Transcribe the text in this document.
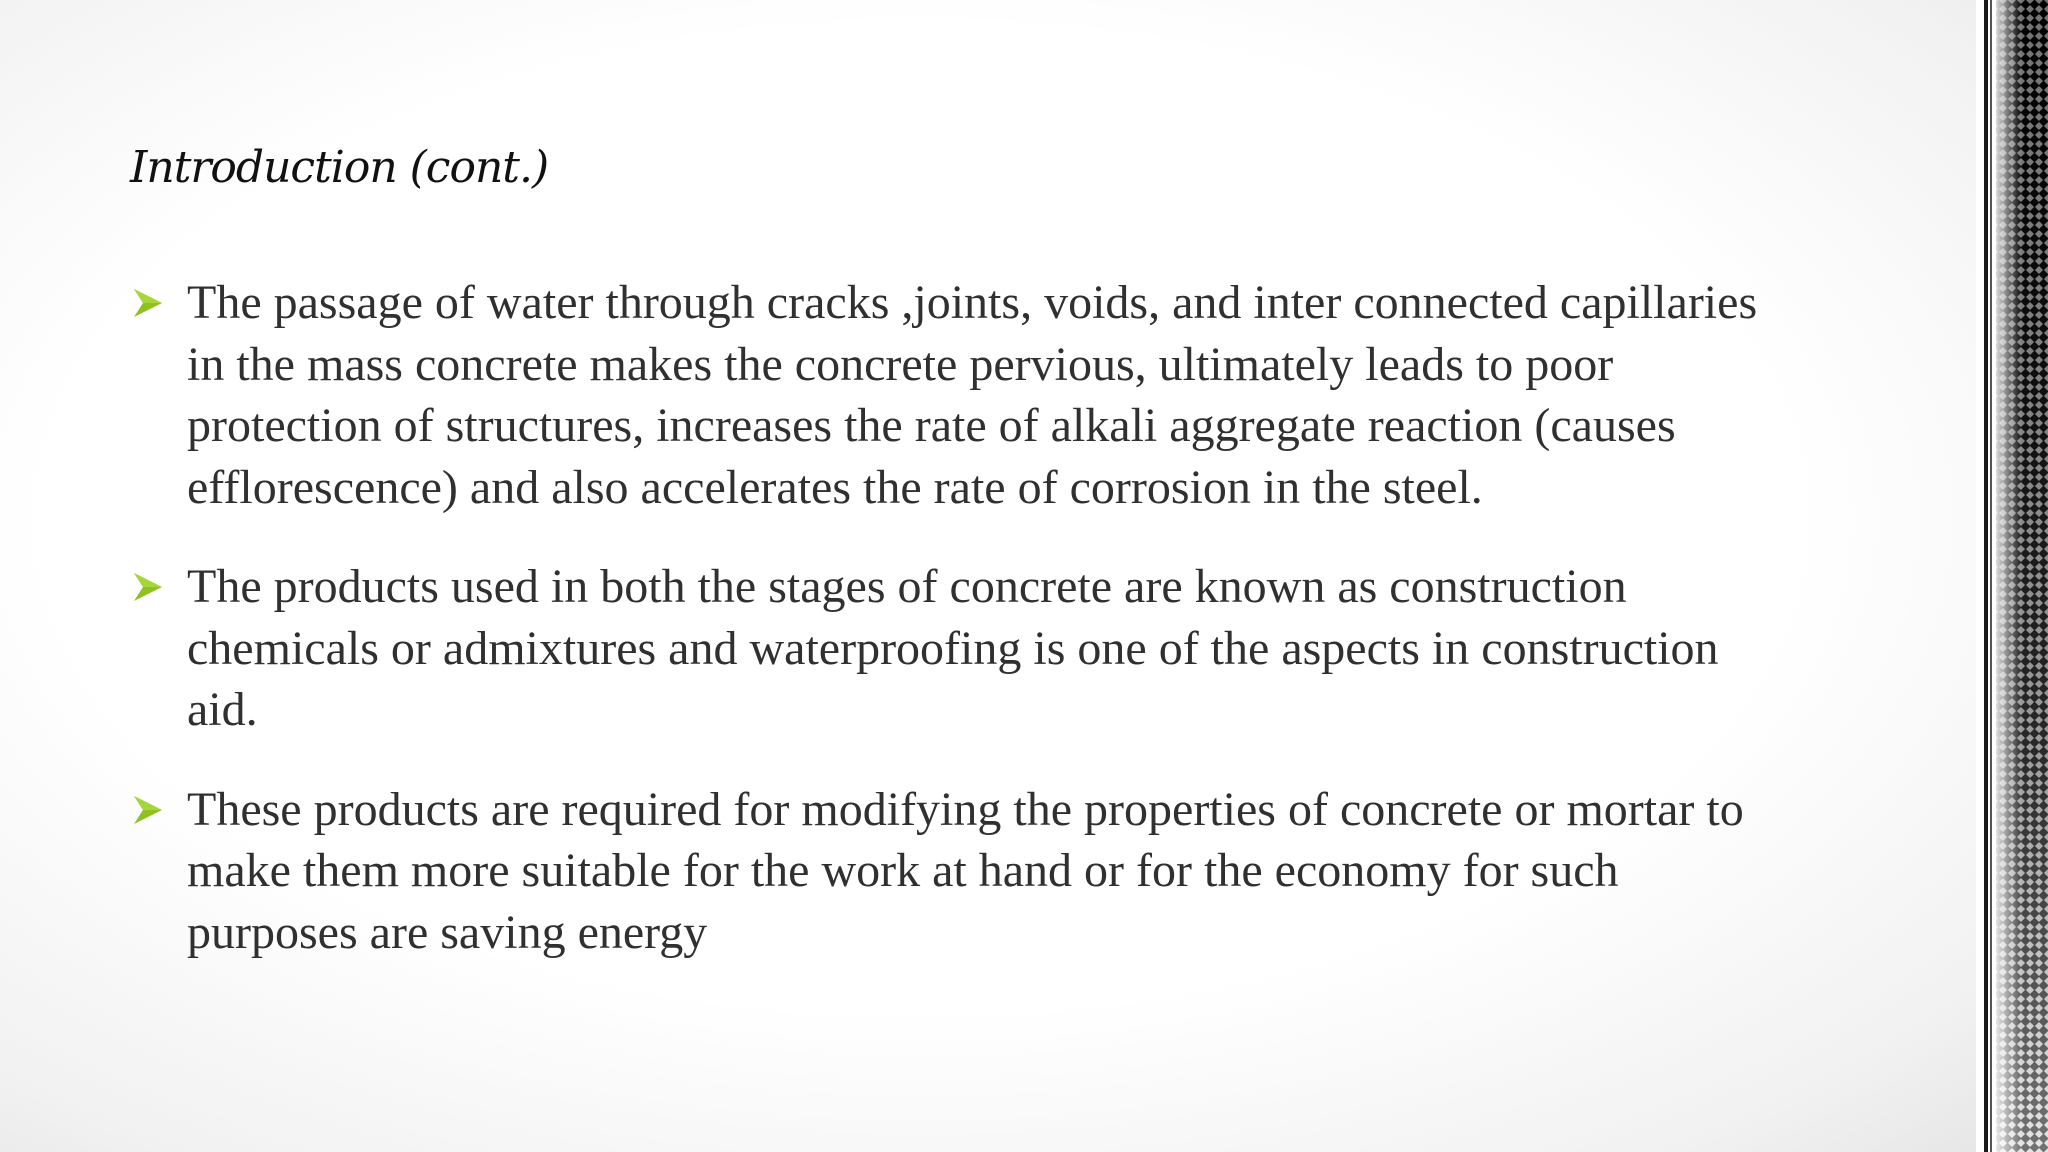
Introduction (cont.)
The passage of water through cracks ,joints, voids, and inter connected capillaries in the mass concrete makes the concrete pervious, ultimately leads to poor protection of structures, increases the rate of alkali aggregate reaction (causes efflorescence) and also accelerates the rate of corrosion in the steel.
The products used in both the stages of concrete are known as construction chemicals or admixtures and waterproofing is one of the aspects in construction aid.
These products are required for modifying the properties of concrete or mortar to make them more suitable for the work at hand or for the economy for such purposes are saving energy
